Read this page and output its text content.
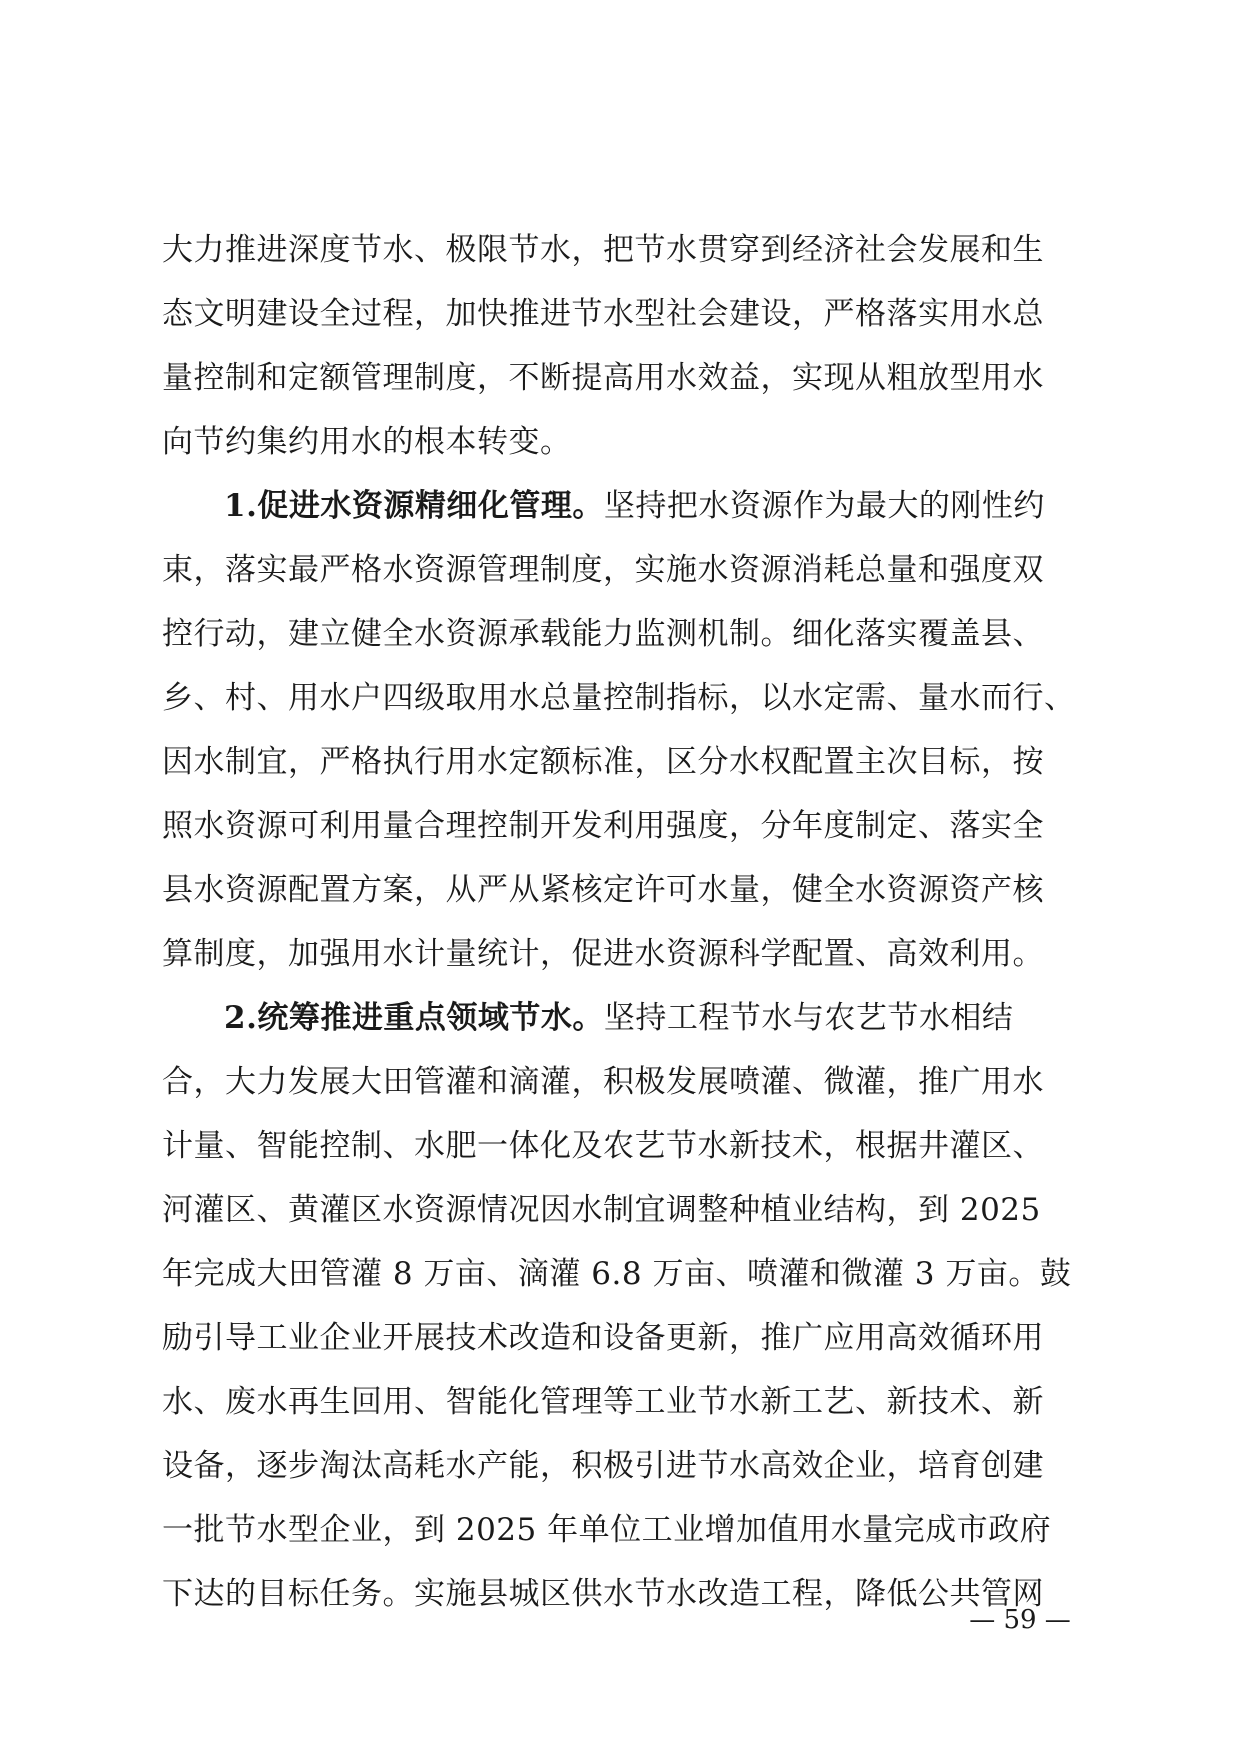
大力推进深度节水、极限节水，把节水贯穿到经济社会发展和生
态文明建设全过程，加快推进节水型社会建设，严格落实用水总
量控制和定额管理制度，不断提高用水效益，实现从粗放型用水
向节约集约用水的根本转变。
1.促进水资源精细化管理。坚持把水资源作为最大的刚性约
束，落实最严格水资源管理制度，实施水资源消耗总量和强度双
控行动，建立健全水资源承载能力监测机制。细化落实覆盖县、
乡、村、用水户四级取用水总量控制指标，以水定需、量水而行、
因水制宜，严格执行用水定额标准，区分水权配置主次目标，按
照水资源可利用量合理控制开发利用强度，分年度制定、落实全
县水资源配置方案，从严从紧核定许可水量，健全水资源资产核
算制度，加强用水计量统计，促进水资源科学配置、高效利用。
2.统筹推进重点领域节水。坚持工程节水与农艺节水相结
合，大力发展大田管灌和滴灌，积极发展喷灌、微灌，推广用水
计量、智能控制、水肥一体化及农艺节水新技术，根据井灌区、
河灌区、黄灌区水资源情况因水制宜调整种植业结构，到 2025
年完成大田管灌 8 万亩、滴灌 6.8 万亩、喷灌和微灌 3 万亩。鼓
励引导工业企业开展技术改造和设备更新，推广应用高效循环用
水、废水再生回用、智能化管理等工业节水新工艺、新技术、新
设备，逐步淘汰高耗水产能，积极引进节水高效企业，培育创建
一批节水型企业，到 2025 年单位工业增加值用水量完成市政府
下达的目标任务。实施县城区供水节水改造工程，降低公共管网
— 59 —
